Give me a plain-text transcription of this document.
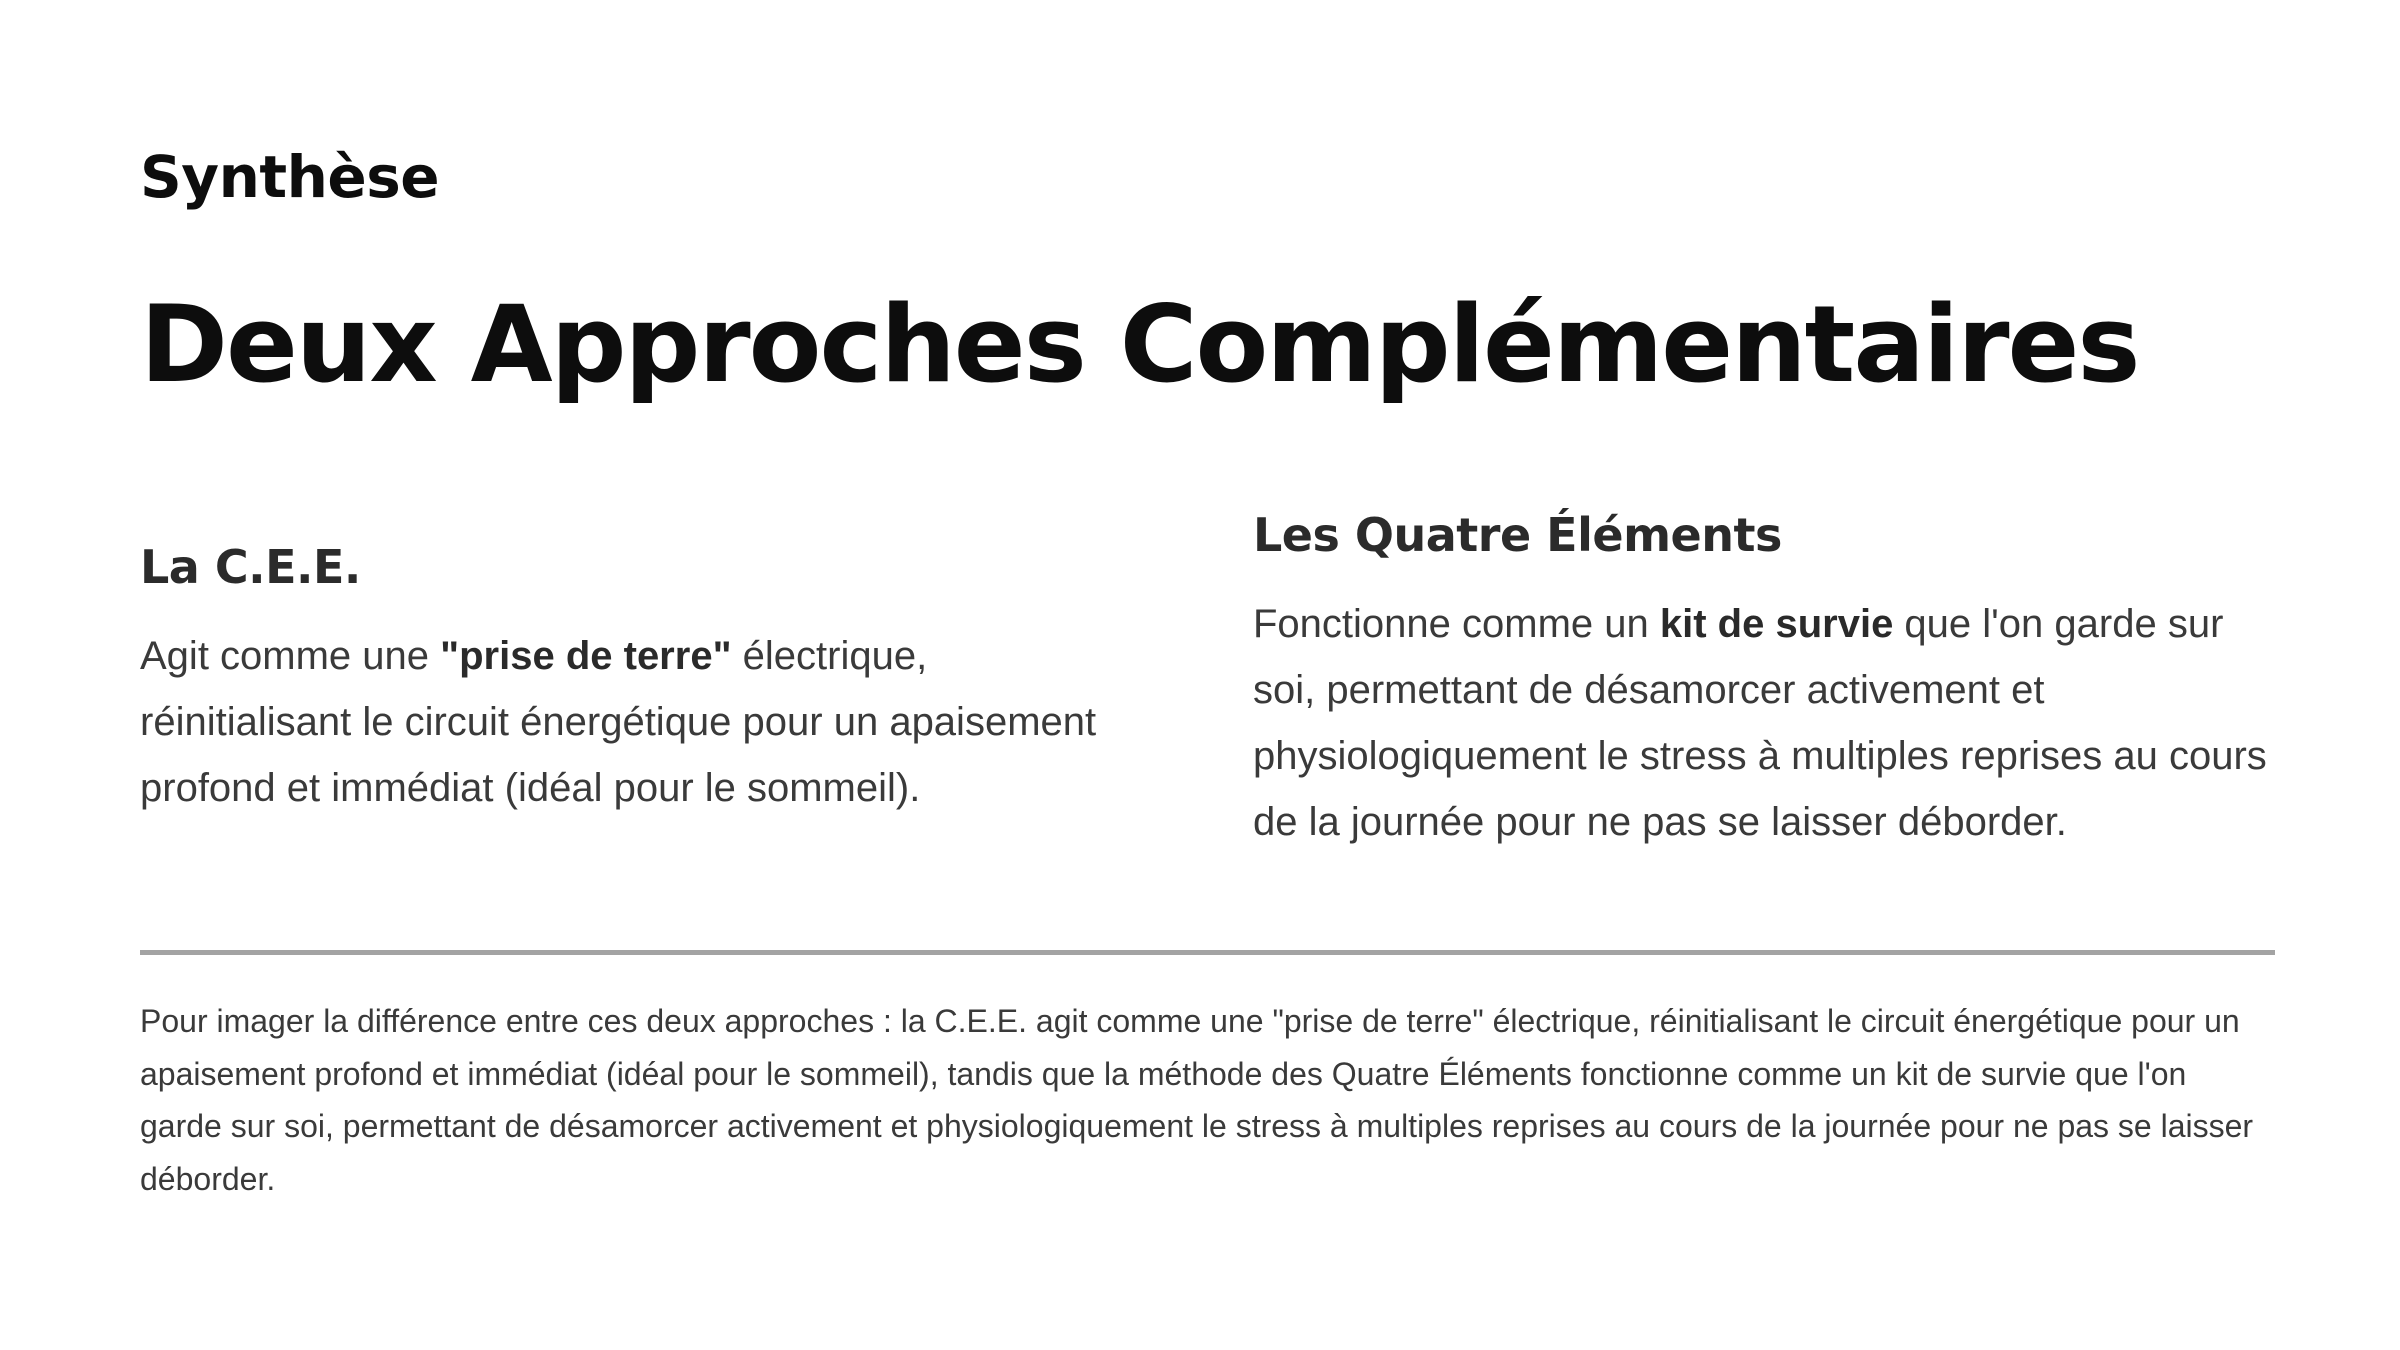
Synthèse
Deux Approches Complémentaires
La C.E.E.

Agit comme une "prise de terre" électrique, réinitialisant le circuit énergétique pour un apaisement profond et immédiat (idéal pour le sommeil).

Les Quatre Éléments

Fonctionne comme un kit de survie que l'on garde sur soi, permettant de désamorcer activement et physiologiquement le stress à multiples reprises au cours de la journée pour ne pas se laisser déborder.

Pour imager la différence entre ces deux approches : la C.E.E. agit comme une "prise de terre" électrique, réinitialisant le circuit énergétique pour un apaisement profond et immédiat (idéal pour le sommeil), tandis que la méthode des Quatre Éléments fonctionne comme un kit de survie que l'on garde sur soi, permettant de désamorcer activement et physiologiquement le stress à multiples reprises au cours de la journée pour ne pas se laisser déborder.
